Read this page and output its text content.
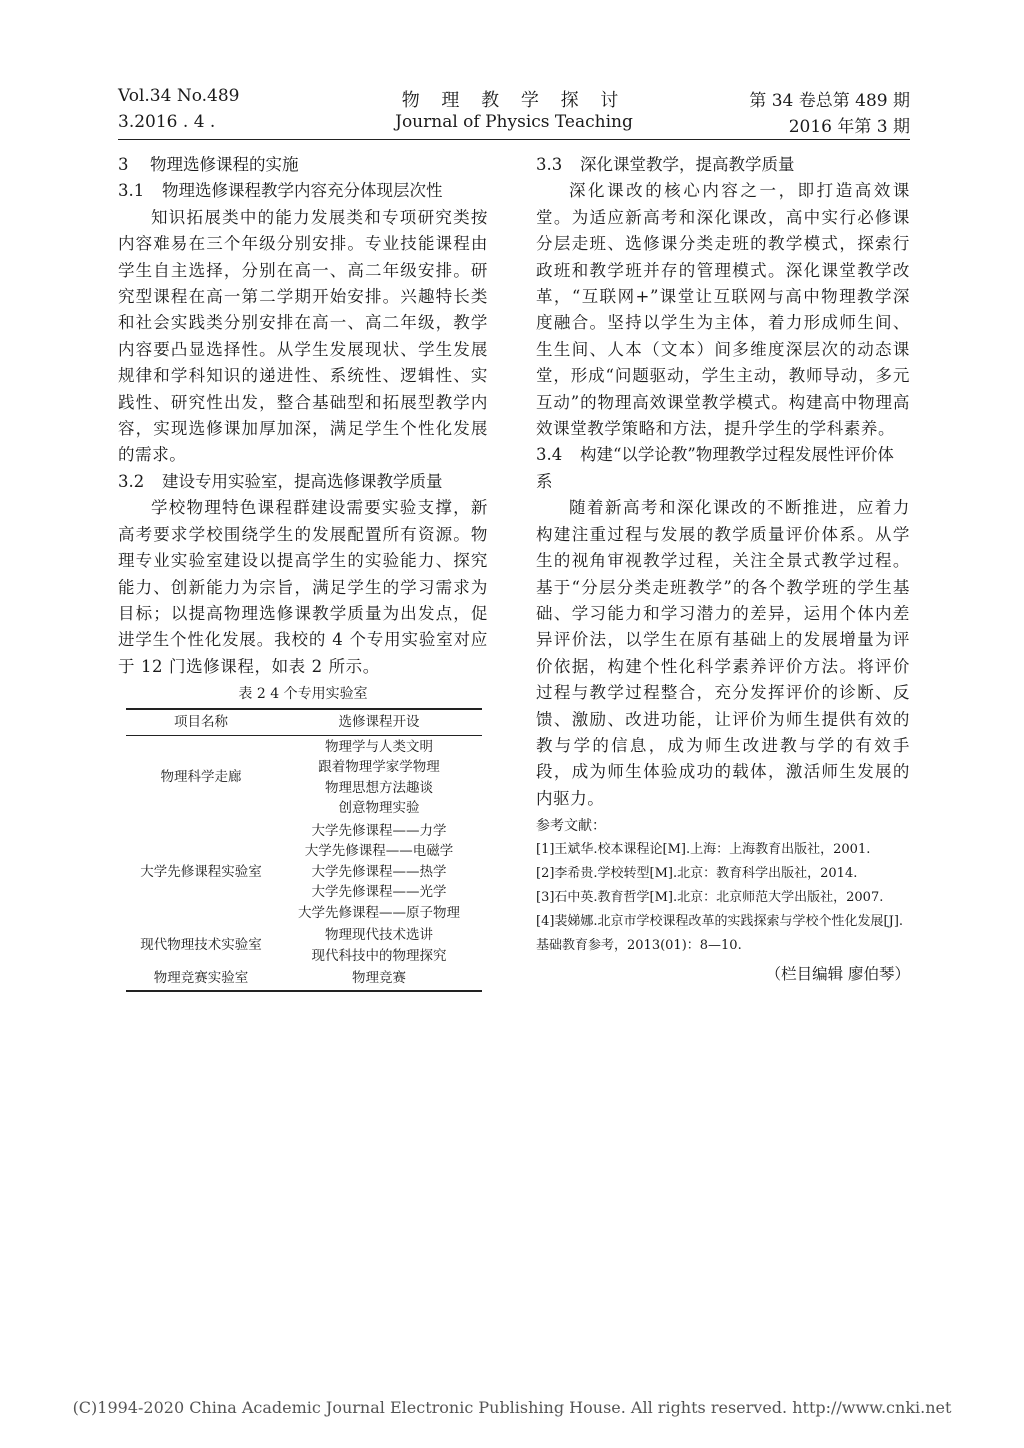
Vol.34 No.489	物 理 教 学 探 讨	第 34 卷总第 489 期
3.2016 . 4 .	Journal of Physics Teaching	2016 年第 3 期
3 物理选修课程的实施
3.1 物理选修课程教学内容充分体现层次性

知识拓展类中的能力发展类和专项研究类按内容难易在三个年级分别安排。专业技能课程由学生自主选择，分别在高一、高二年级安排。研究型课程在高一第二学期开始安排。兴趣特长类和社会实践类分别安排在高一、高二年级，教学内容要凸显选择性。从学生发展现状、学生发展规律和学科知识的递进性、系统性、逻辑性、实践性、研究性出发，整合基础型和拓展型教学内容，实现选修课加厚加深，满足学生个性化发展的需求。

3.2 建设专用实验室，提高选修课教学质量

学校物理特色课程群建设需要实验支撑，新高考要求学校围绕学生的发展配置所有资源。物理专业实验室建设以提高学生的实验能力、探究能力、创新能力为宗旨，满足学生的学习需求为目标；以提高物理选修课教学质量为出发点，促进学生个性化发展。我校的 4 个专用实验室对应于 12 门选修课程，如表 2 所示。

表 2 4 个专用实验室
项目名称	选修课程开设
物理科学走廊	物理学与人类文明
跟着物理学家学物理
物理思想方法趣谈
创意物理实验

大学先修课程实验室	大学先修课程——力学
大学先修课程——电磁学
大学先修课程——热学
大学先修课程——光学
大学先修课程——原子物理

现代物理技术实验室	物理现代技术选讲
现代科技中的物理探究

物理竞赛实验室	物理竞赛
3.3 深化课堂教学，提高教学质量

深化课改的核心内容之一，即打造高效课堂。为适应新高考和深化课改，高中实行必修课分层走班、选修课分类走班的教学模式，探索行政班和教学班并存的管理模式。深化课堂教学改革，“互联网+”课堂让互联网与高中物理教学深度融合。坚持以学生为主体，着力形成师生间、生生间、人本（文本）间多维度深层次的动态课堂，形成“问题驱动，学生主动，教师导动，多元互动”的物理高效课堂教学模式。构建高中物理高效课堂教学策略和方法，提升学生的学科素养。

3.4 构建“以学论教”物理教学过程发展性评价体系

随着新高考和深化课改的不断推进，应着力构建注重过程与发展的教学质量评价体系。从学生的视角审视教学过程，关注全景式教学过程。基于“分层分类走班教学”的各个教学班的学生基础、学习能力和学习潜力的差异，运用个体内差异评价法，以学生在原有基础上的发展增量为评价依据，构建个性化科学素养评价方法。将评价过程与教学过程整合，充分发挥评价的诊断、反馈、激励、改进功能，让评价为师生提供有效的教与学的信息，成为师生改进教与学的有效手段，成为师生体验成功的载体，激活师生发展的内驱力。

参考文献：

[1]王斌华.校本课程论[M].上海：上海教育出版社，2001.

[2]李希贵.学校转型[M].北京：教育科学出版社，2014.

[3]石中英.教育哲学[M].北京：北京师范大学出版社，2007.

[4]裴娣娜.北京市学校课程改革的实践探索与学校个性化发展[J].基础教育参考，2013(01)：8—10.

（栏目编辑 廖伯琴）
(C)1994-2020 China Academic Journal Electronic Publishing House. All rights reserved. http://www.cnki.net
